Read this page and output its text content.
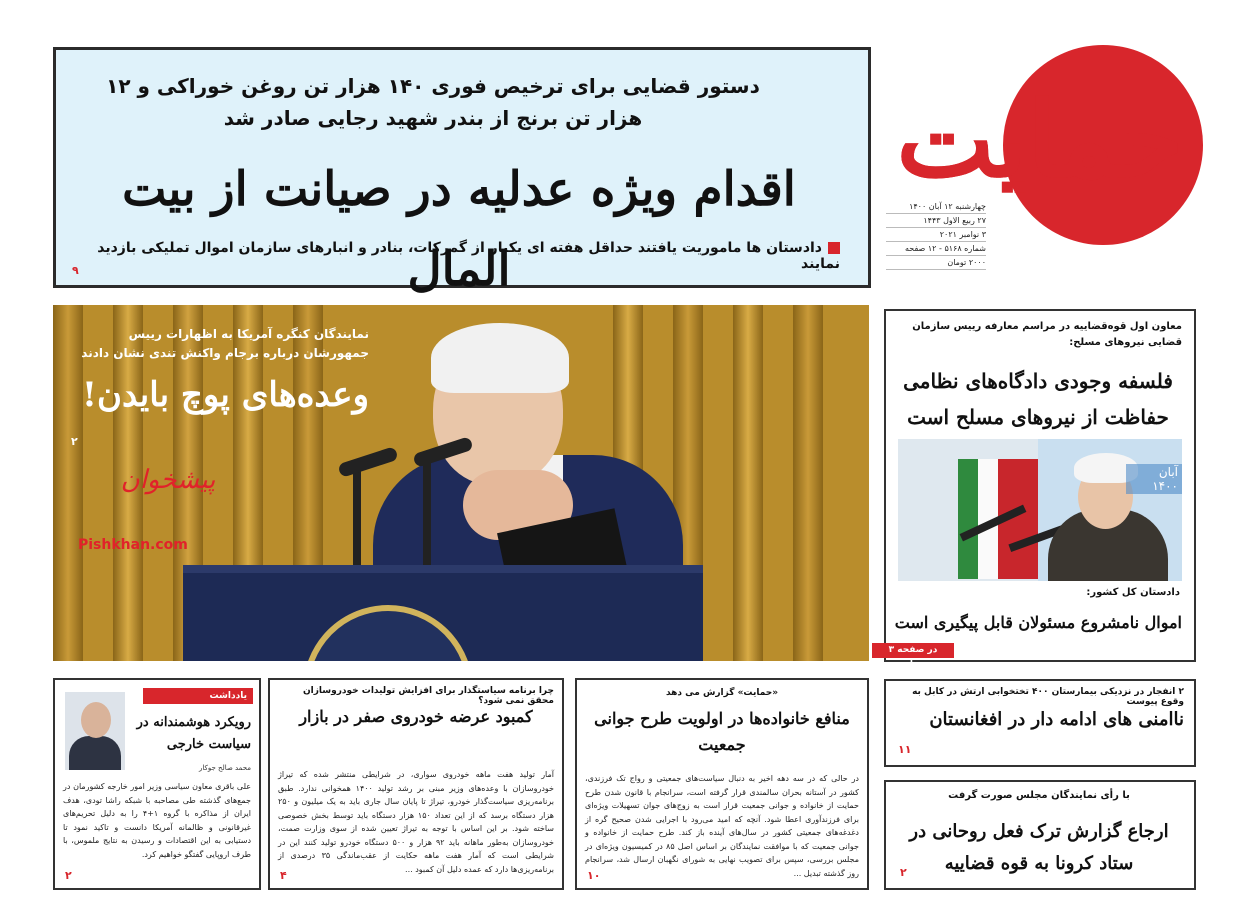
حمایت
چهارشنبه ۱۲ آبان ۱۴۰۰
۲۷ ربیع الاول ۱۴۴۳
۳ نوامبر ۲۰۲۱
شماره ۵۱۶۸ - ۱۲ صفحه
۲۰۰۰ تومان
دستور قضایی برای ترخیص فوری ۱۴۰ هزار تن روغن خوراکی و ۱۲ هزار تن برنج از بندر شهید رجایی صادر شد
اقدام ویژه عدلیه در صیانت از بیت المال
دادستان ها ماموریت یافتند حداقل هفته ای یکبار از گمرکات، بنادر و انبارهای سازمان اموال تملیکی بازدید نمایند
۹
نمایندگان کنگره آمریکا به اظهارات رییس جمهورشان درباره برجام واکنش تندی نشان دادند
وعده‌های پوچ بایدن!
۲
پیشخوان
Pishkhan.com
معاون اول قوه‌قضاییه در مراسم معارفه رییس سازمان قضایی نیروهای مسلح:
فلسفه وجودی دادگاه‌های نظامی حفاظت از نیروهای مسلح است
آبان ۱۴۰۰
دادستان کل کشور:
اموال نامشروع مسئولان قابل پیگیری است
در صفحه ۳ بخوانید
۲ انفجار در نزدیکی بیمارستان ۴۰۰ تختخوابی ارتش در کابل به وقوع پیوست
ناامنی های ادامه دار در افغانستان
۱۱
با رأی نمایندگان مجلس صورت گرفت
ارجاع گزارش ترک فعل روحانی در ستاد کرونا به قوه قضاییه
۲
«حمایت» گزارش می دهد
منافع خانواده‌ها در اولویت طرح جوانی جمعیت
در حالی که در سه دهه اخیر به دنبال سیاست‌های جمعیتی و رواج تک فرزندی، کشور در آستانه بحران سالمندی قرار گرفته است، سرانجام با قانون شدن طرح حمایت از خانواده و جوانی جمعیت قرار است به زوج‌های جوان تسهیلات ویژه‌ای برای فرزندآوری اعطا شود. آنچه که امید می‌رود با اجرایی شدن صحیح گره از دغدغه‌های جمعیتی کشور در سال‌های آینده باز کند. طرح حمایت از خانواده و جوانی جمعیت که با موافقت نمایندگان بر اساس اصل ۸۵ در کمیسیون ویژه‌ای در مجلس بررسی، سپس برای تصویب نهایی به شورای نگهبان ارسال شد، سرانجام روز گذشته تبدیل ...
۱۰
چرا برنامه سیاستگذار برای افزایش تولیدات خودروسازان محقق نمی شود؟
کمبود عرضه خودروی صفر در بازار
آمار تولید هفت ماهه خودروی سواری، در شرایطی منتشر شده که تیراژ خودروسازان با وعده‌های وزیر مبنی بر رشد تولید ۱۴۰۰ همخوانی ندارد. طبق برنامه‌ریزی سیاست‌گذار خودرو، تیراژ تا پایان سال جاری باید به یک میلیون و ۲۵۰ هزار دستگاه برسد که از این تعداد ۱۵۰ هزار دستگاه باید توسط بخش خصوصی ساخته شود. بر این اساس با توجه به تیراژ تعیین شده از سوی وزارت صمت، خودروسازان به‌طور ماهانه باید ۹۲ هزار و ۵۰۰ دستگاه خودرو تولید کنند این در شرایطی است که آمار هفت ماهه حکایت از عقب‌ماندگی ۳۵ درصدی از برنامه‌ریزی‌ها دارد که عمده دلیل آن کمبود ...
۴
یادداشت
رویکرد هوشمندانه در سیاست خارجی
محمد صالح جوکار
علی باقری معاون سیاسی وزیر امور خارجه کشورمان در جمع‌های گذشته طی مصاحبه با شبکه راشا تودی، هدف ایران از مذاکره با گروه ۱+۴ را به دلیل تحریم‌های غیرقانونی و ظالمانه آمریکا دانست و تاکید نمود تا دستیابی به این اقتصادات و رسیدن به نتایج ملموس، با طرف اروپایی گفتگو خواهیم کرد.
۲
